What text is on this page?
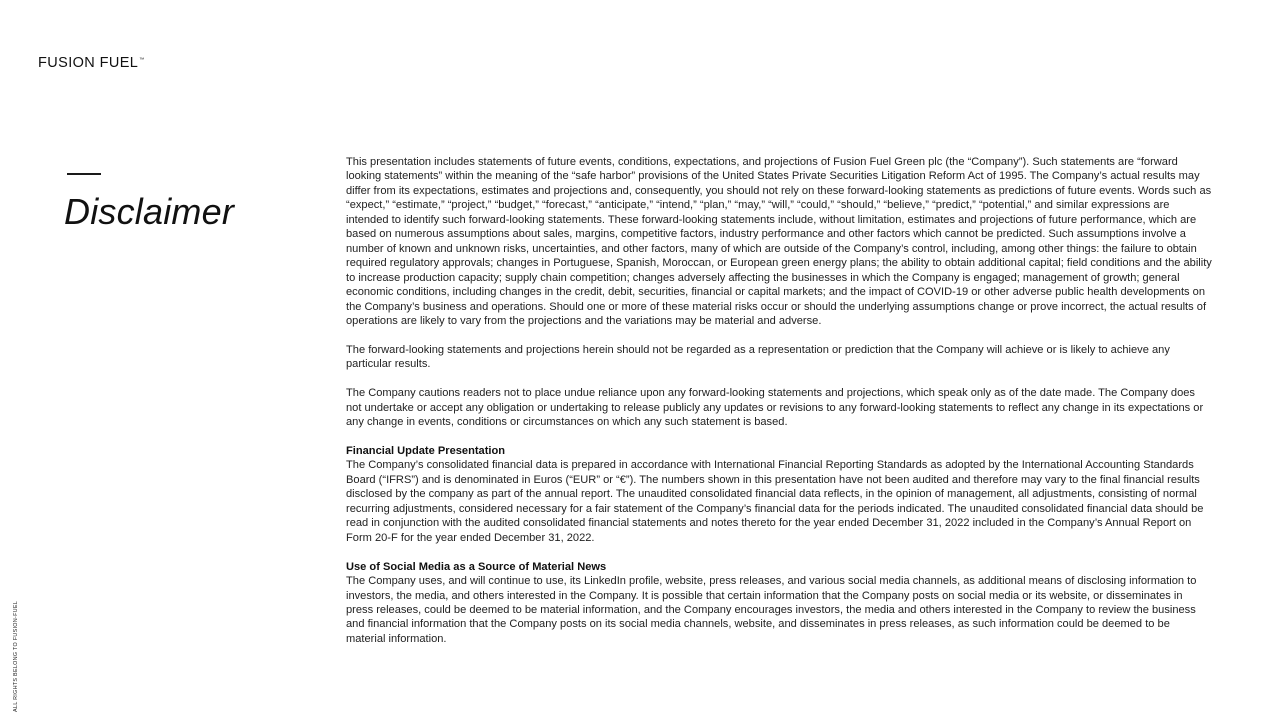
FUSION FUEL™
Disclaimer

This presentation includes statements of future events, conditions, expectations, and projections of Fusion Fuel Green plc (the “Company”). Such statements are “forward looking statements” within the meaning of the “safe harbor” provisions of the United States Private Securities Litigation Reform Act of 1995. The Company’s actual results may differ from its expectations, estimates and projections and, consequently, you should not rely on these forward-looking statements as predictions of future events. Words such as “expect,” “estimate,” “project,” “budget,” “forecast,” “anticipate,” “intend,” “plan,” “may,” “will,” “could,” “should,” “believe,” “predict,” “potential,” and similar expressions are intended to identify such forward-looking statements. These forward-looking statements include, without limitation, estimates and projections of future performance, which are based on numerous assumptions about sales, margins, competitive factors, industry performance and other factors which cannot be predicted. Such assumptions involve a number of known and unknown risks, uncertainties, and other factors, many of which are outside of the Company’s control, including, among other things: the failure to obtain required regulatory approvals; changes in Portuguese, Spanish, Moroccan, or European green energy plans; the ability to obtain additional capital; field conditions and the ability to increase production capacity; supply chain competition; changes adversely affecting the businesses in which the Company is engaged; management of growth; general economic conditions, including changes in the credit, debit, securities, financial or capital markets; and the impact of COVID-19 or other adverse public health developments on the Company’s business and operations. Should one or more of these material risks occur or should the underlying assumptions change or prove incorrect, the actual results of operations are likely to vary from the projections and the variations may be material and adverse.

The forward-looking statements and projections herein should not be regarded as a representation or prediction that the Company will achieve or is likely to achieve any particular results.

The Company cautions readers not to place undue reliance upon any forward-looking statements and projections, which speak only as of the date made. The Company does not undertake or accept any obligation or undertaking to release publicly any updates or revisions to any forward-looking statements to reflect any change in its expectations or any change in events, conditions or circumstances on which any such statement is based.

Financial Update Presentation
The Company’s consolidated financial data is prepared in accordance with International Financial Reporting Standards as adopted by the International Accounting Standards Board (“IFRS”) and is denominated in Euros (“EUR” or “€”). The numbers shown in this presentation have not been audited and therefore may vary to the final financial results disclosed by the company as part of the annual report. The unaudited consolidated financial data reflects, in the opinion of management, all adjustments, consisting of normal recurring adjustments, considered necessary for a fair statement of the Company’s financial data for the periods indicated. The unaudited consolidated financial data should be read in conjunction with the audited consolidated financial statements and notes thereto for the year ended December 31, 2022 included in the Company’s Annual Report on Form 20-F for the year ended December 31, 2022.

Use of Social Media as a Source of Material News
The Company uses, and will continue to use, its LinkedIn profile, website, press releases, and various social media channels, as additional means of disclosing information to investors, the media, and others interested in the Company. It is possible that certain information that the Company posts on social media or its website, or disseminates in press releases, could be deemed to be material information, and the Company encourages investors, the media and others interested in the Company to review the business and financial information that the Company posts on its social media channels, website, and disseminates in press releases, as such information could be deemed to be material information.

ALL RIGHTS BELONG TO FUSION-FUEL
